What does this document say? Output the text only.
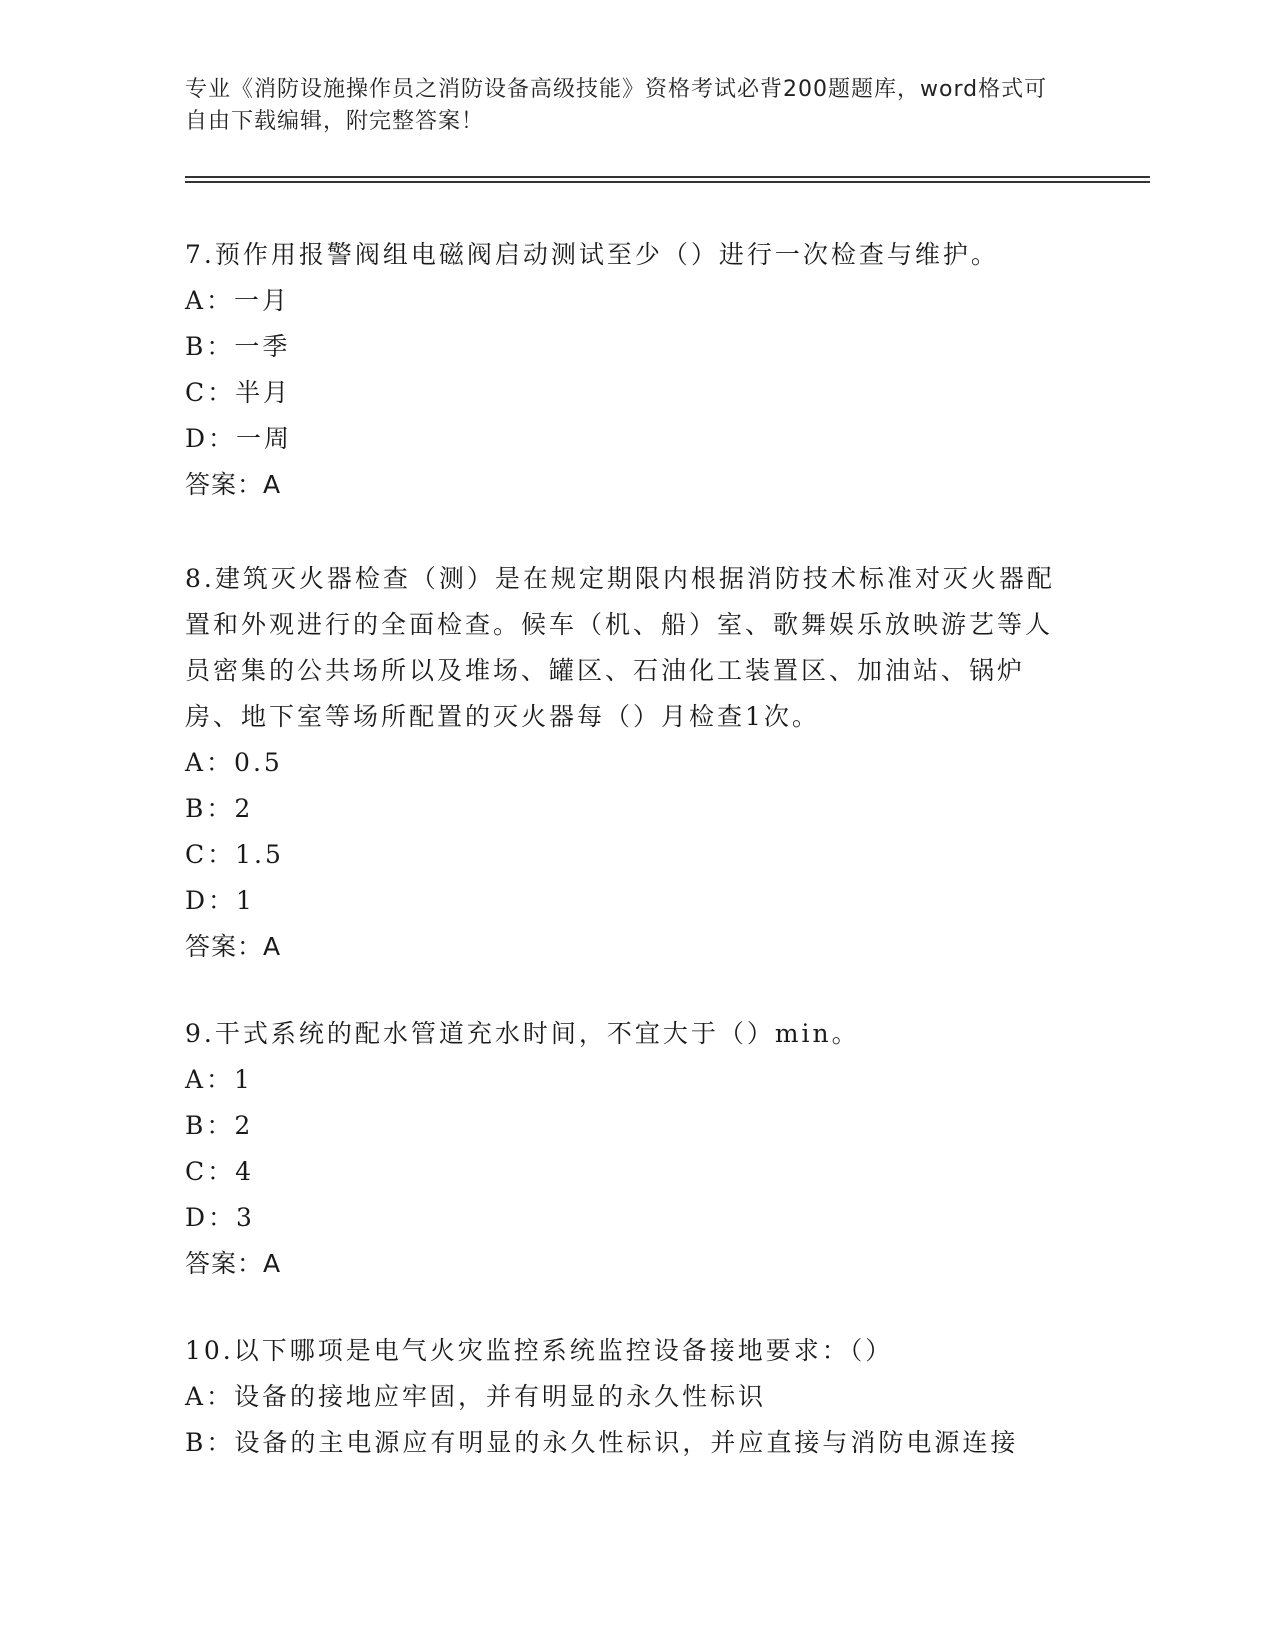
专业《消防设施操作员之消防设备高级技能》资格考试必背200题题库，word格式可自由下载编辑，附完整答案！

7.预作用报警阀组电磁阀启动测试至少（）进行一次检查与维护。

A：一月

B：一季

C：半月

D：一周

答案：A

8.建筑灭火器检查（测）是在规定期限内根据消防技术标准对灭火器配置和外观进行的全面检查。候车（机、船）室、歌舞娱乐放映游艺等人员密集的公共场所以及堆场、罐区、石油化工装置区、加油站、锅炉房、地下室等场所配置的灭火器每（）月检查1次。

A：0.5

B：2

C：1.5

D：1

答案：A

9.干式系统的配水管道充水时间，不宜大于（）min。

A：1

B：2

C：4

D：3

答案：A

10.以下哪项是电气火灾监控系统监控设备接地要求：（）

A：设备的接地应牢固，并有明显的永久性标识

B：设备的主电源应有明显的永久性标识，并应直接与消防电源连接
